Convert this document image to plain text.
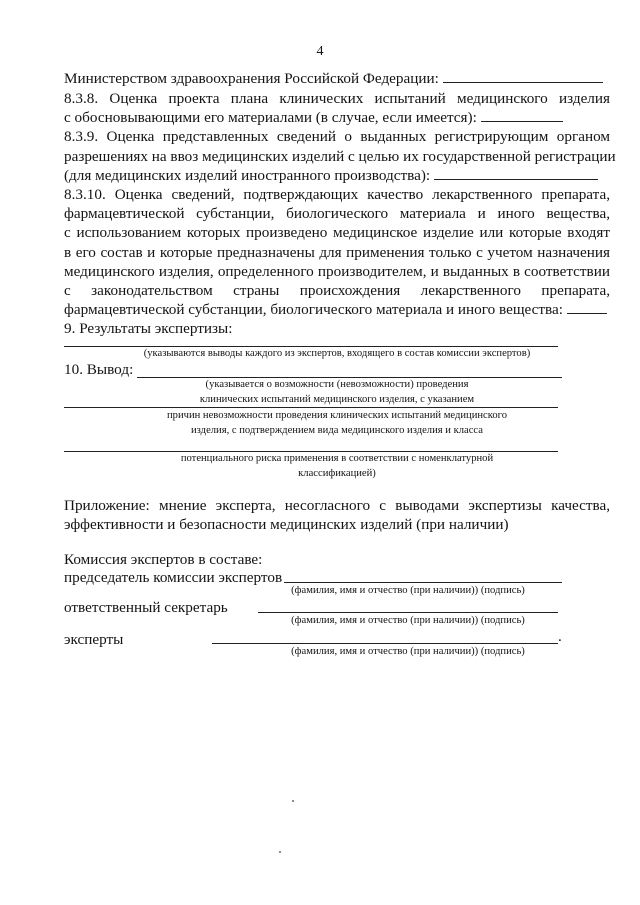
4
Министерством здравоохранения Российской Федерации:
8.3.8. Оценка проекта плана клинических испытаний медицинского изделия
с обосновывающими его материалами (в случае, если имеется):
8.3.9. Оценка представленных сведений о выданных регистрирующим органом
разрешениях на ввоз медицинских изделий с целью их государственной регистрации
(для медицинских изделий иностранного производства):
8.3.10. Оценка сведений, подтверждающих качество лекарственного препарата,
фармацевтической субстанции, биологического материала и иного вещества,
с использованием которых произведено медицинское изделие или которые входят
в его состав и которые предназначены для применения только с учетом назначения
медицинского изделия, определенного производителем, и выданных в соответствии
с законодательством страны происхождения лекарственного препарата,
фармацевтической субстанции, биологического материала и иного вещества:
9. Результаты экспертизы:
(указываются выводы каждого из экспертов, входящего в состав комиссии экспертов)
10. Вывод:
(указывается о возможности (невозможности) проведения
клинических испытаний медицинского изделия, с указанием
причин невозможности проведения клинических испытаний медицинского
изделия, с подтверждением вида медицинского изделия и класса
потенциального риска применения в соответствии с номенклатурной
классификацией)
Приложение: мнение эксперта, несогласного с выводами экспертизы качества,
эффективности и безопасности медицинских изделий (при наличии)
Комиссия экспертов в составе:
председатель комиссии экспертов
(фамилия, имя и отчество (при наличии)) (подпись)
ответственный секретарь
(фамилия, имя и отчество (при наличии)) (подпись)
эксперты	.
(фамилия, имя и отчество (при наличии)) (подпись)
